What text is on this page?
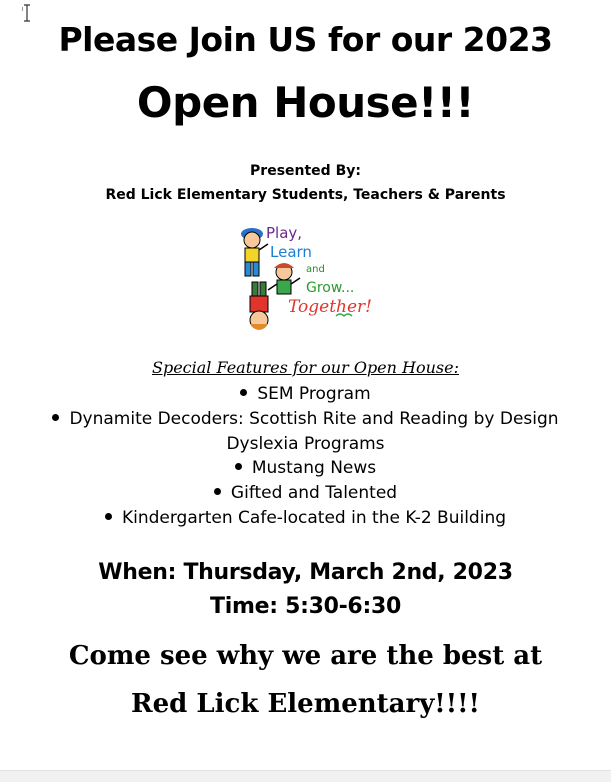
Please Join US for our 2023
Open House!!!
Presented By:
Red Lick Elementary Students, Teachers & Parents
Play,
Learn
and
Grow...
Together!
Special Features for our Open House:
SEM Program
Dynamite Decoders: Scottish Rite and Reading by Design
Dyslexia Programs
Mustang News
Gifted and Talented
Kindergarten Cafe-located in the K-2 Building
When: Thursday, March 2nd, 2023
Time: 5:30-6:30
Come see why we are the best at
Red Lick Elementary!!!!
